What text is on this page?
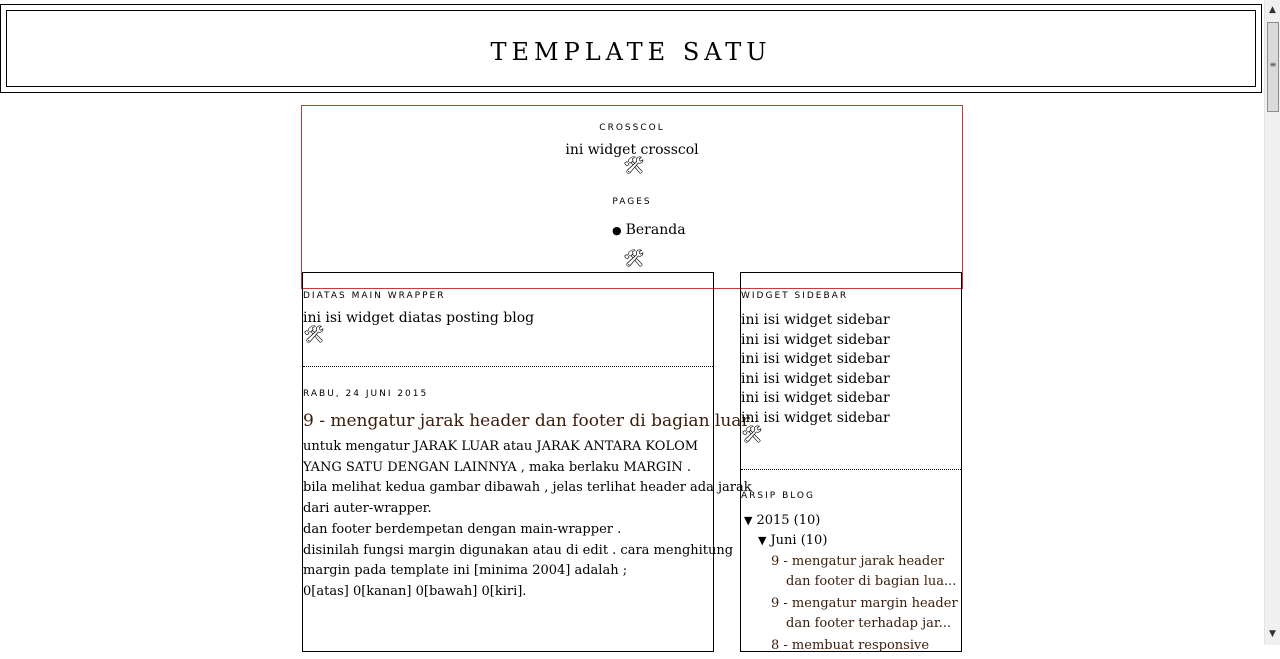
TEMPLATE SATU
CROSSCOL
ini widget crosscol
🛠
PAGES
● Beranda
🛠
DIATAS MAIN WRAPPER
ini isi widget diatas posting blog
🛠
RABU, 24 JUNI 2015
9 - mengatur jarak header dan footer di bagian luar
untuk mengatur JARAK LUAR atau JARAK ANTARA KOLOM
YANG SATU DENGAN LAINNYA , maka berlaku MARGIN .
bila melihat kedua gambar dibawah , jelas terlihat header ada jarak
dari auter-wrapper.
dan footer berdempetan dengan main-wrapper .
disinilah fungsi margin digunakan atau di edit . cara menghitung
margin pada template ini [minima 2004] adalah ;
0[atas] 0[kanan] 0[bawah] 0[kiri].
WIDGET SIDEBAR
ini isi widget sidebar
ini isi widget sidebar
ini isi widget sidebar
ini isi widget sidebar
ini isi widget sidebar
ini isi widget sidebar
🛠
ARSIP BLOG
▼ 2015 (10)
▼ Juni (10)
9 - mengatur jarak header dan footer di bagian lua...
9 - mengatur margin header dan footer terhadap jar...
8 - membuat responsive
▲
≡
▼
